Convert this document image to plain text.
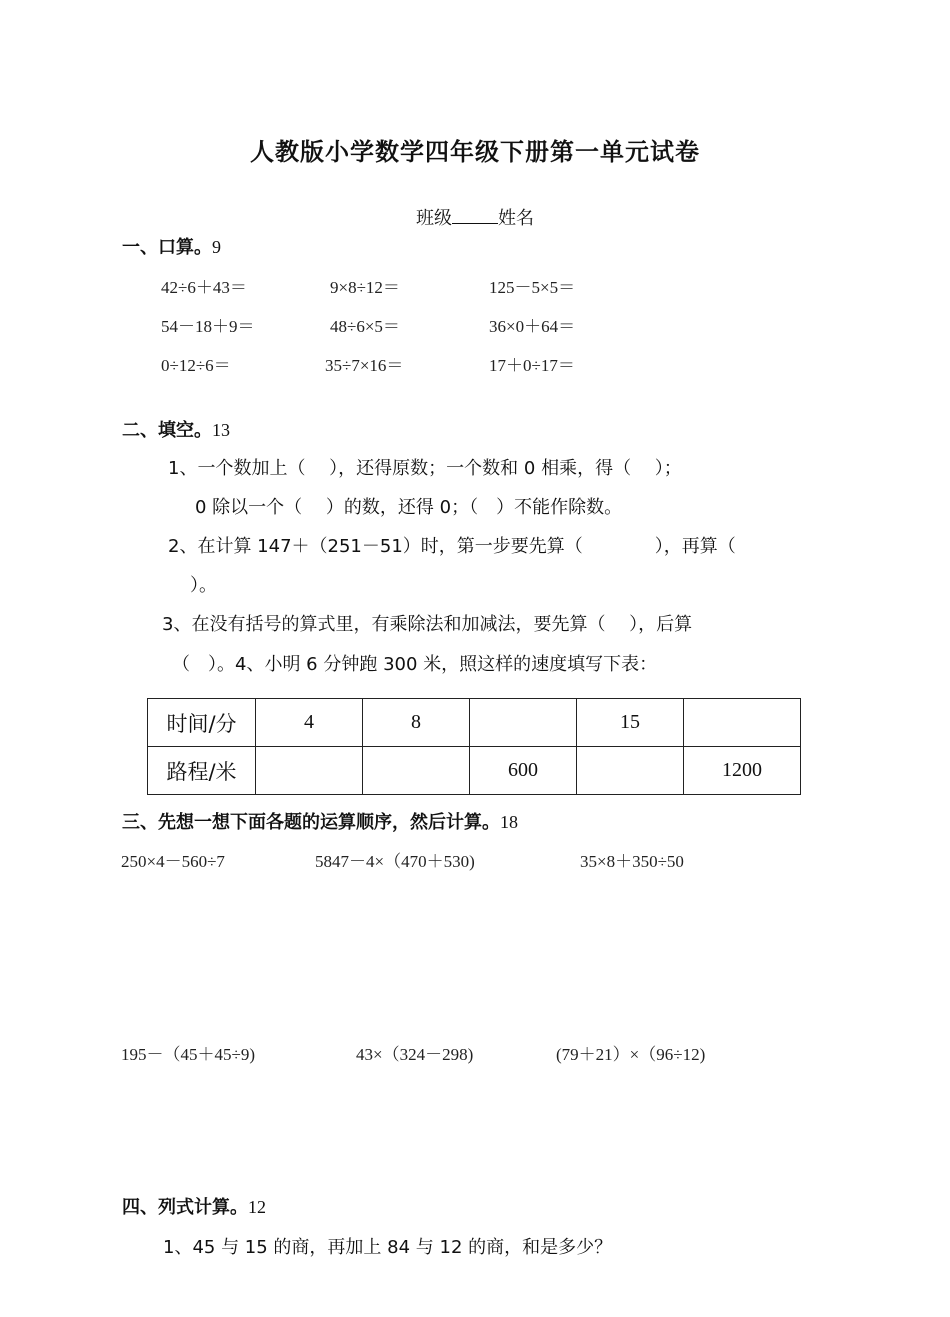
人教版小学数学四年级下册第一单元试卷
班级	姓名
一、口算。9
42÷6＋43＝	9×8÷12＝	125－5×5＝
54－18＋9＝	48÷6×5＝	36×0＋64＝
0÷12÷6＝	35÷7×16＝	17＋0÷17＝
二、填空。13
1、一个数加上（　 ），还得原数；一个数和 0 相乘，得（　 ）；
0 除以一个（　 ）的数，还得 0；（　）不能作除数。
2、在计算 147＋（251－51）时，第一步要先算（　　　　），再算（
）。
3、在没有括号的算式里，有乘除法和加减法，要先算（　 ），后算
（　）。4、小明 6 分钟跑 300 米，照这样的速度填写下表：
时间/分	4	8		15	
路程/米			600		1200
三、先想一想下面各题的运算顺序，然后计算。18
250×4－560÷7	5847－4×（470＋530)	35×8＋350÷50
195－（45＋45÷9)	43×（324－298)	(79＋21）×（96÷12)
四、列式计算。12
1、45 与 15 的商，再加上 84 与 12 的商，和是多少？
